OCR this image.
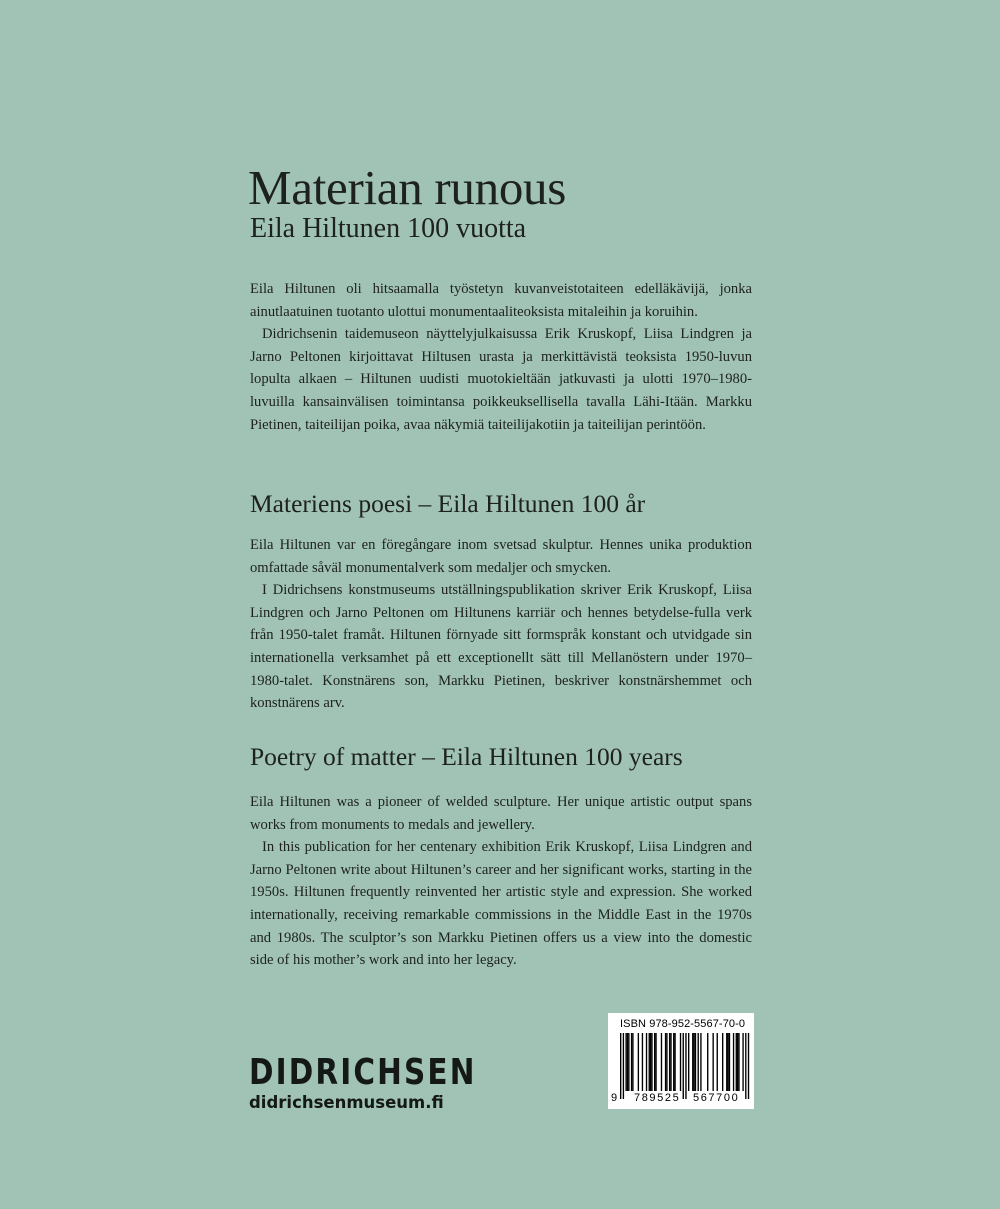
Materian runous
Eila Hiltunen 100 vuotta

Eila Hiltunen oli hitsaamalla työstetyn kuvanveistotaiteen edelläkävijä, jonka ainutlaatuinen tuotanto ulottui monumentaaliteoksista mitaleihin ja koruihin.

Didrichsenin taidemuseon näyttelyjulkaisussa Erik Kruskopf, Liisa Lindgren ja Jarno Peltonen kirjoittavat Hiltusen urasta ja merkittävistä teoksista 1950-luvun lopulta alkaen – Hiltunen uudisti muotokieltään jatkuvasti ja ulotti 1970–1980-luvuilla kansainvälisen toimintansa poikkeuksellisella tavalla Lähi-Itään. Markku Pietinen, taiteilijan poika, avaa näkymiä taiteilijakotiin ja taiteilijan perintöön.

Materiens poesi – Eila Hiltunen 100 år

Eila Hiltunen var en föregångare inom svetsad skulptur. Hennes unika produktion omfattade såväl monumentalverk som medaljer och smycken.

I Didrichsens konstmuseums utställningspublikation skriver Erik Kruskopf, Liisa Lindgren och Jarno Peltonen om Hiltunens karriär och hennes betydelse-fulla verk från 1950-talet framåt. Hiltunen förnyade sitt formspråk konstant och utvidgade sin internationella verksamhet på ett exceptionellt sätt till Mellanöstern under 1970–1980-talet. Konstnärens son, Markku Pietinen, beskriver konstnärshemmet och konstnärens arv.

Poetry of matter – Eila Hiltunen 100 years

Eila Hiltunen was a pioneer of welded sculpture. Her unique artistic output spans works from monuments to medals and jewellery.

In this publication for her centenary exhibition Erik Kruskopf, Liisa Lindgren and Jarno Peltonen write about Hiltunen’s career and her significant works, starting in the 1950s. Hiltunen frequently reinvented her artistic style and expression. She worked internationally, receiving remarkable commissions in the Middle East in the 1970s and 1980s. The sculptor’s son Markku Pietinen offers us a view into the domestic side of his mother’s work and into her legacy.

DIDRICHSEN
didrichsenmuseum.fi
ISBN 978-952-5567-70-0
9 789525 567700
